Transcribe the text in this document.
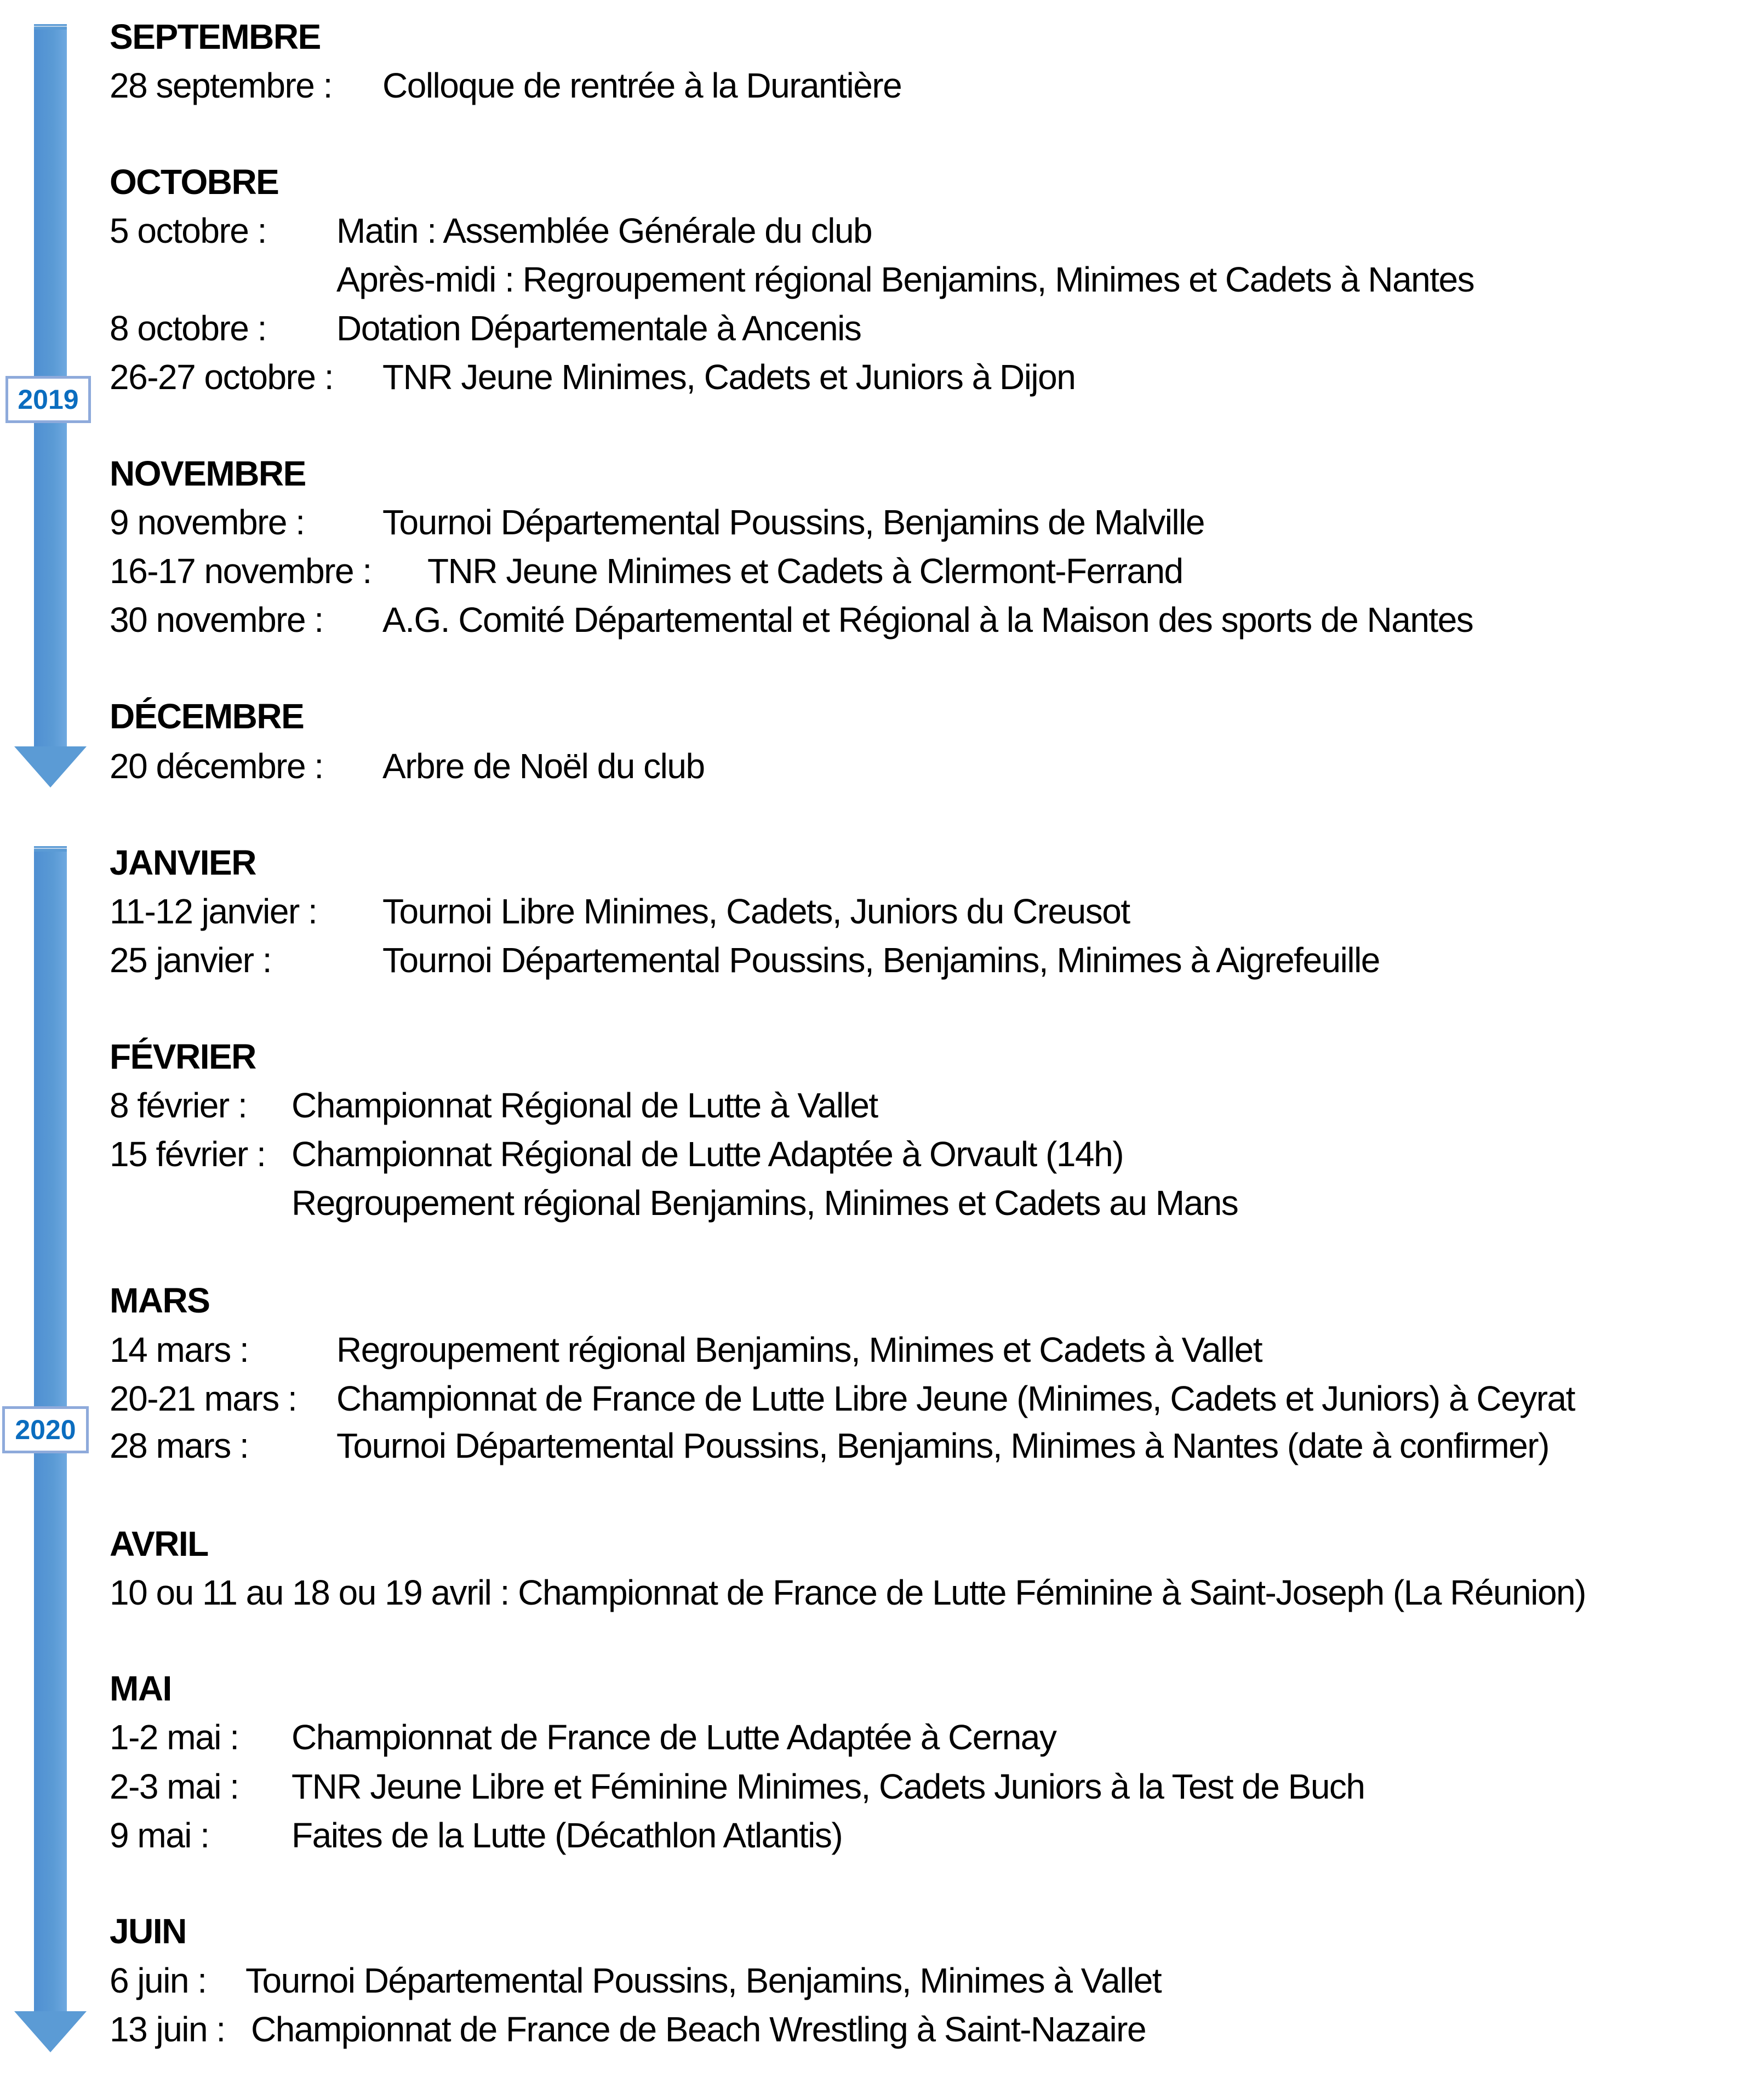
2019
2020
SEPTEMBRE
28 septembre : Colloque de rentrée à la Durantière
OCTOBRE
5 octobre : Matin : Assemblée Générale du club
Après-midi : Regroupement régional Benjamins, Minimes et Cadets à Nantes
8 octobre : Dotation Départementale à Ancenis
26-27 octobre : TNR Jeune Minimes, Cadets et Juniors à Dijon
NOVEMBRE
9 novembre : Tournoi Départemental Poussins, Benjamins de Malville
16-17 novembre : TNR Jeune Minimes et Cadets à Clermont-Ferrand
30 novembre : A.G. Comité Départemental et Régional à la Maison des sports de Nantes
DÉCEMBRE
20 décembre : Arbre de Noël du club
JANVIER
11-12 janvier : Tournoi Libre Minimes, Cadets, Juniors du Creusot
25 janvier :	Tournoi Départemental Poussins, Benjamins, Minimes à Aigrefeuille
FÉVRIER
8 février : Championnat Régional de Lutte à Vallet
15 février : Championnat Régional de Lutte Adaptée à Orvault (14h)
Regroupement régional Benjamins, Minimes et Cadets au Mans
MARS
14 mars :	Regroupement régional Benjamins, Minimes et Cadets à Vallet
20-21 mars : Championnat de France de Lutte Libre Jeune (Minimes, Cadets et Juniors) à Ceyrat
28 mars :	Tournoi Départemental Poussins, Benjamins, Minimes à Nantes (date à confirmer)
AVRIL
10 ou 11 au 18 ou 19 avril : Championnat de France de Lutte Féminine à Saint-Joseph (La Réunion)
MAI
1-2 mai : Championnat de France de Lutte Adaptée à Cernay
2-3 mai : TNR Jeune Libre et Féminine Minimes, Cadets Juniors à la Test de Buch
9 mai : Faites de la Lutte (Décathlon Atlantis)
JUIN
6 juin : Tournoi Départemental Poussins, Benjamins, Minimes à Vallet
13 juin : Championnat de France de Beach Wrestling à Saint-Nazaire
